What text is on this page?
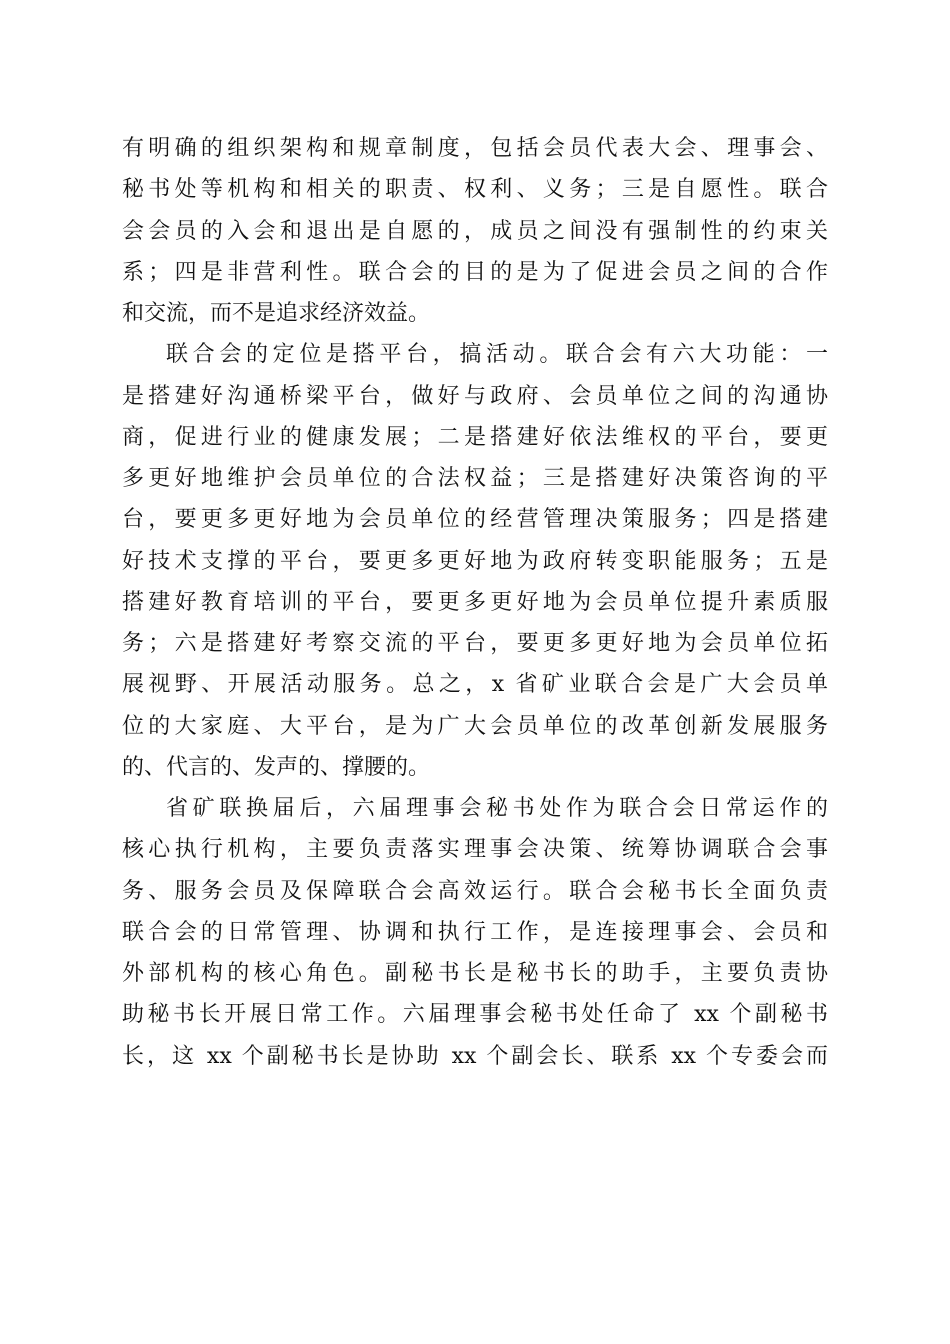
有明确的组织架构和规章制度，包括会员代表大会、理事会、
秘书处等机构和相关的职责、权利、义务；三是自愿性。联合
会会员的入会和退出是自愿的，成员之间没有强制性的约束关
系；四是非营利性。联合会的目的是为了促进会员之间的合作
和交流，而不是追求经济效益。
联合会的定位是搭平台，搞活动。联合会有六大功能：一
是搭建好沟通桥梁平台，做好与政府、会员单位之间的沟通协
商，促进行业的健康发展；二是搭建好依法维权的平台，要更
多更好地维护会员单位的合法权益；三是搭建好决策咨询的平
台，要更多更好地为会员单位的经营管理决策服务；四是搭建
好技术支撑的平台，要更多更好地为政府转变职能服务；五是
搭建好教育培训的平台，要更多更好地为会员单位提升素质服
务；六是搭建好考察交流的平台，要更多更好地为会员单位拓
展视野、开展活动服务。总之，x 省矿业联合会是广大会员单
位的大家庭、大平台，是为广大会员单位的改革创新发展服务
的、代言的、发声的、撑腰的。
省矿联换届后，六届理事会秘书处作为联合会日常运作的
核心执行机构，主要负责落实理事会决策、统筹协调联合会事
务、服务会员及保障联合会高效运行。联合会秘书长全面负责
联合会的日常管理、协调和执行工作，是连接理事会、会员和
外部机构的核心角色。副秘书长是秘书长的助手，主要负责协
助秘书长开展日常工作。六届理事会秘书处任命了 xx 个副秘书
长，这 xx 个副秘书长是协助 xx 个副会长、联系 xx 个专委会而
